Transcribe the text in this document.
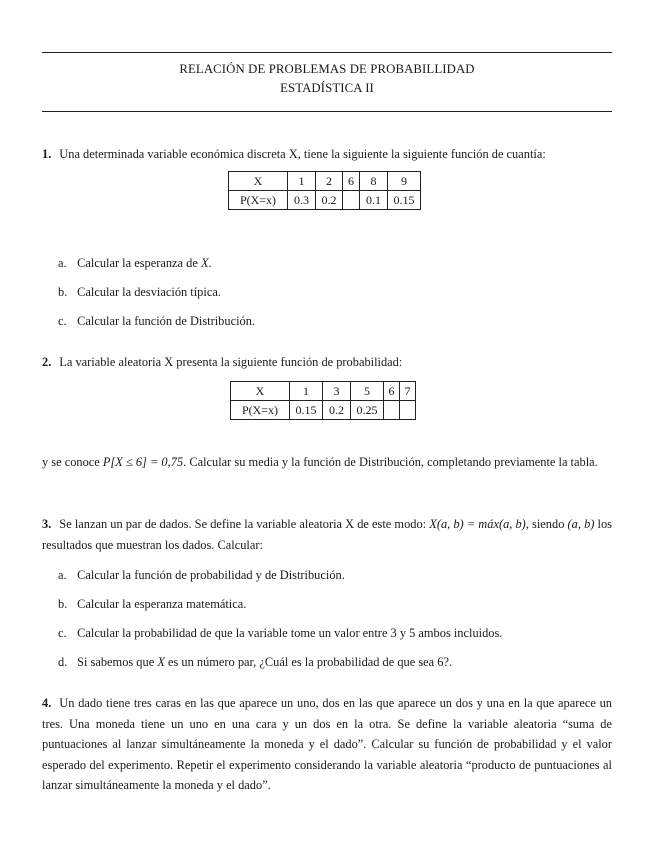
RELACIÓN DE PROBLEMAS DE PROBABILLIDAD
ESTADÍSTICA II
1. Una determinada variable económica discreta X, tiene la siguiente la siguiente función de cuantía:
X	1	2	6	8	9
P(X=x)	0.3	0.2		0.1	0.15
a. Calcular la esperanza de X.
b. Calcular la desviación típica.
c. Calcular la función de Distribución.
2. La variable aleatoria X presenta la siguiente función de probabilidad:
X	1	3	5	6	7
P(X=x)	0.15	0.2	0.25		
y se conoce P[X ≤ 6] = 0,75. Calcular su media y la función de Distribución, completando previamente la tabla.
3. Se lanzan un par de dados. Se define la variable aleatoria X de este modo: X(a, b) = máx(a, b), siendo (a, b) los resultados que muestran los dados. Calcular:
a. Calcular la función de probabilidad y de Distribución.
b. Calcular la esperanza matemática.
c. Calcular la probabilidad de que la variable tome un valor entre 3 y 5 ambos incluidos.
d. Si sabemos que X es un número par, ¿Cuál es la probabilidad de que sea 6?.
4. Un dado tiene tres caras en las que aparece un uno, dos en las que aparece un dos y una en la que aparece un tres. Una moneda tiene un uno en una cara y un dos en la otra. Se define la variable aleatoria “suma de puntuaciones al lanzar simultáneamente la moneda y el dado”. Calcular su función de probabilidad y el valor esperado del experimento. Repetir el experimento considerando la variable aleatoria “producto de puntuaciones al lanzar simultáneamente la moneda y el dado”.
